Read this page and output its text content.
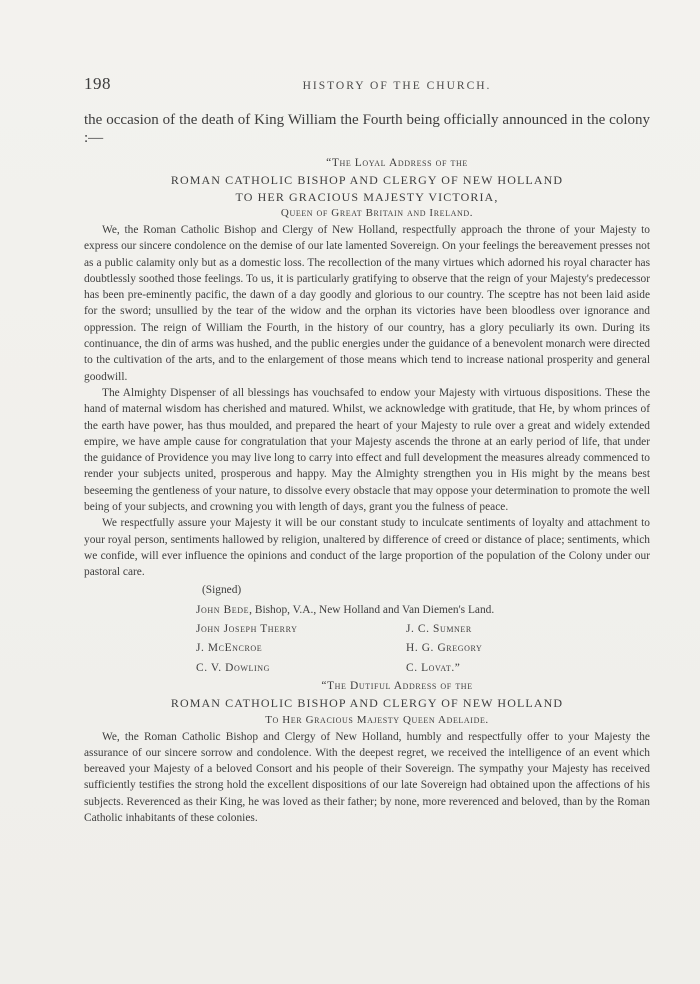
198	HISTORY OF THE CHURCH.

the occasion of the death of King William the Fourth being officially announced in the colony :—

“The Loyal Address of the

ROMAN CATHOLIC BISHOP AND CLERGY OF NEW HOLLAND

TO HER GRACIOUS MAJESTY VICTORIA,

Queen of Great Britain and Ireland.

We, the Roman Catholic Bishop and Clergy of New Holland, respectfully approach the throne of your Majesty to express our sincere condolence on the demise of our late lamented Sovereign. On your feelings the bereavement presses not as a public calamity only but as a domestic loss. The recollection of the many virtues which adorned his royal character has doubtlessly soothed those feelings. To us, it is particularly gratifying to observe that the reign of your Majesty's predecessor has been pre-eminently pacific, the dawn of a day goodly and glorious to our country. The sceptre has not been laid aside for the sword; unsullied by the tear of the widow and the orphan its victories have been bloodless over ignorance and oppression. The reign of William the Fourth, in the history of our country, has a glory peculiarly its own. During its continuance, the din of arms was hushed, and the public energies under the guidance of a benevolent monarch were directed to the cultivation of the arts, and to the enlargement of those means which tend to increase national prosperity and general goodwill.

The Almighty Dispenser of all blessings has vouchsafed to endow your Majesty with virtuous dispositions. These the hand of maternal wisdom has cherished and matured. Whilst, we acknowledge with gratitude, that He, by whom princes of the earth have power, has thus moulded, and prepared the heart of your Majesty to rule over a great and widely extended empire, we have ample cause for congratulation that your Majesty ascends the throne at an early period of life, that under the guidance of Providence you may live long to carry into effect and full development the measures already commenced to render your subjects united, prosperous and happy. May the Almighty strengthen you in His might by the means best beseeming the gentleness of your nature, to dissolve every obstacle that may oppose your determination to promote the well being of your subjects, and crowning you with length of days, grant you the fulness of peace.

We respectfully assure your Majesty it will be our constant study to inculcate sentiments of loyalty and attachment to your royal person, sentiments hallowed by religion, unaltered by difference of creed or distance of place; sentiments, which we confide, will ever influence the opinions and conduct of the large proportion of the population of the Colony under our pastoral care.

(Signed)

John Bede, Bishop, V.A., New Holland and Van Diemen's Land.

John Joseph Therry	J. C. Sumner
J. McEncroe	H. G. Gregory
C. V. Dowling	C. Lovat.”

“The Dutiful Address of the

ROMAN CATHOLIC BISHOP AND CLERGY OF NEW HOLLAND

To Her Gracious Majesty Queen Adelaide.

We, the Roman Catholic Bishop and Clergy of New Holland, humbly and respectfully offer to your Majesty the assurance of our sincere sorrow and condolence. With the deepest regret, we received the intelligence of an event which bereaved your Majesty of a beloved Consort and his people of their Sovereign. The sympathy your Majesty has received sufficiently testifies the strong hold the excellent dispositions of our late Sovereign had obtained upon the affections of his subjects. Reverenced as their King, he was loved as their father; by none, more reverenced and beloved, than by the Roman Catholic inhabitants of these colonies.
